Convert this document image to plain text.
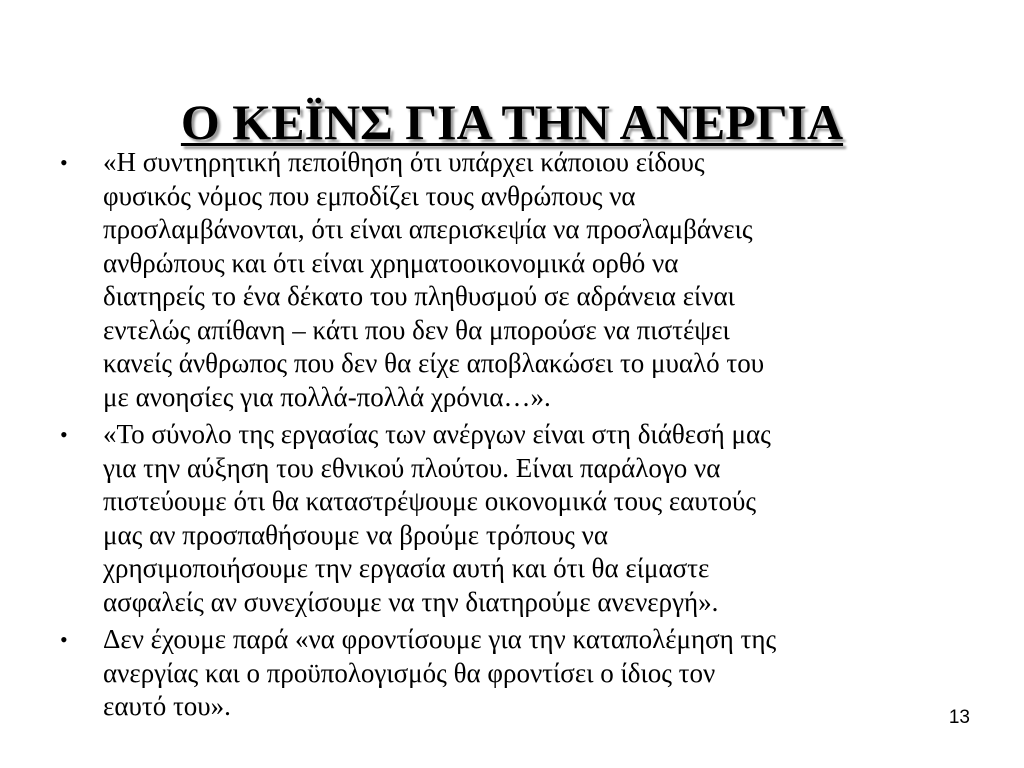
Ο ΚΕΪΝΣ ΓΙΑ ΤΗΝ ΑΝΕΡΓΙΑ
•	«Η συντηρητική πεποίθηση ότι υπάρχει κάποιου είδους
φυσικός νόμος που εμποδίζει τους ανθρώπους να
προσλαμβάνονται, ότι είναι απερισκεψία να προσλαμβάνεις
ανθρώπους και ότι είναι χρηματοοικονομικά ορθό να
διατηρείς το ένα δέκατο του πληθυσμού σε αδράνεια είναι
εντελώς απίθανη – κάτι που δεν θα μπορούσε να πιστέψει
κανείς άνθρωπος που δεν θα είχε αποβλακώσει το μυαλό του
με ανοησίες για πολλά-πολλά χρόνια…».
•	«Το σύνολο της εργασίας των ανέργων είναι στη διάθεσή μας
για την αύξηση του εθνικού πλούτου. Είναι παράλογο να
πιστεύουμε ότι θα καταστρέψουμε οικονομικά τους εαυτούς
μας αν προσπαθήσουμε να βρούμε τρόπους να
χρησιμοποιήσουμε την εργασία αυτή και ότι θα είμαστε
ασφαλείς αν συνεχίσουμε να την διατηρούμε ανενεργή».
•	Δεν έχουμε παρά «να φροντίσουμε για την καταπολέμηση της
ανεργίας και ο προϋπολογισμός θα φροντίσει ο ίδιος τον
εαυτό του».	13
